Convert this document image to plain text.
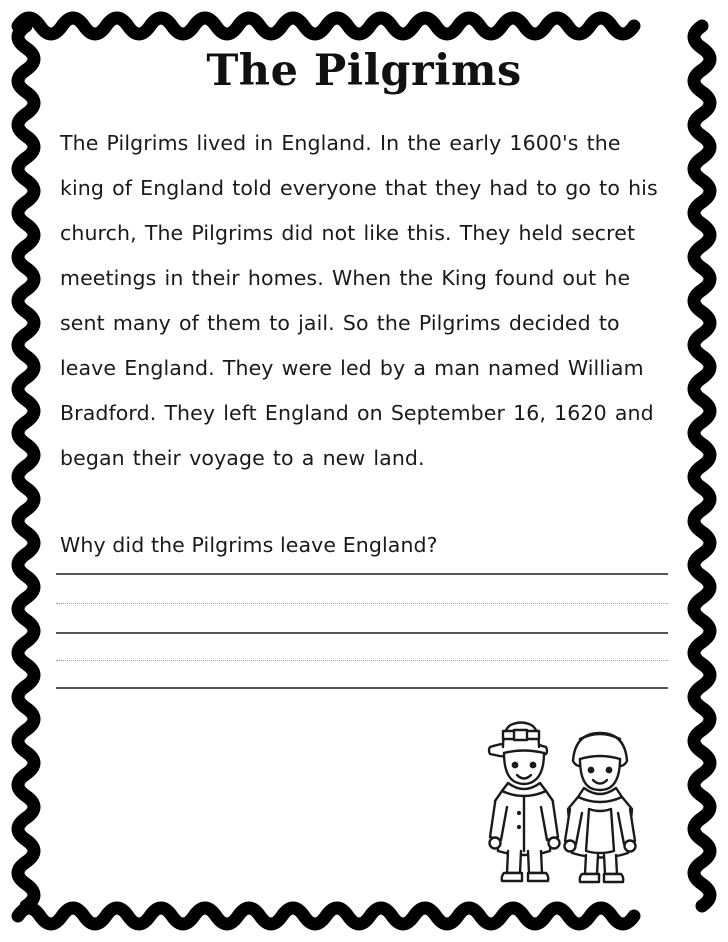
The Pilgrims

The Pilgrims lived in England. In the early 1600's the king of England told everyone that they had to go to his church, The Pilgrims did not like this. They held secret meetings in their homes. When the King found out he sent many of them to jail. So the Pilgrims decided to leave England. They were led by a man named William Bradford. They left England on September 16, 1620 and began their voyage to a new land.

Why did the Pilgrims leave England?
